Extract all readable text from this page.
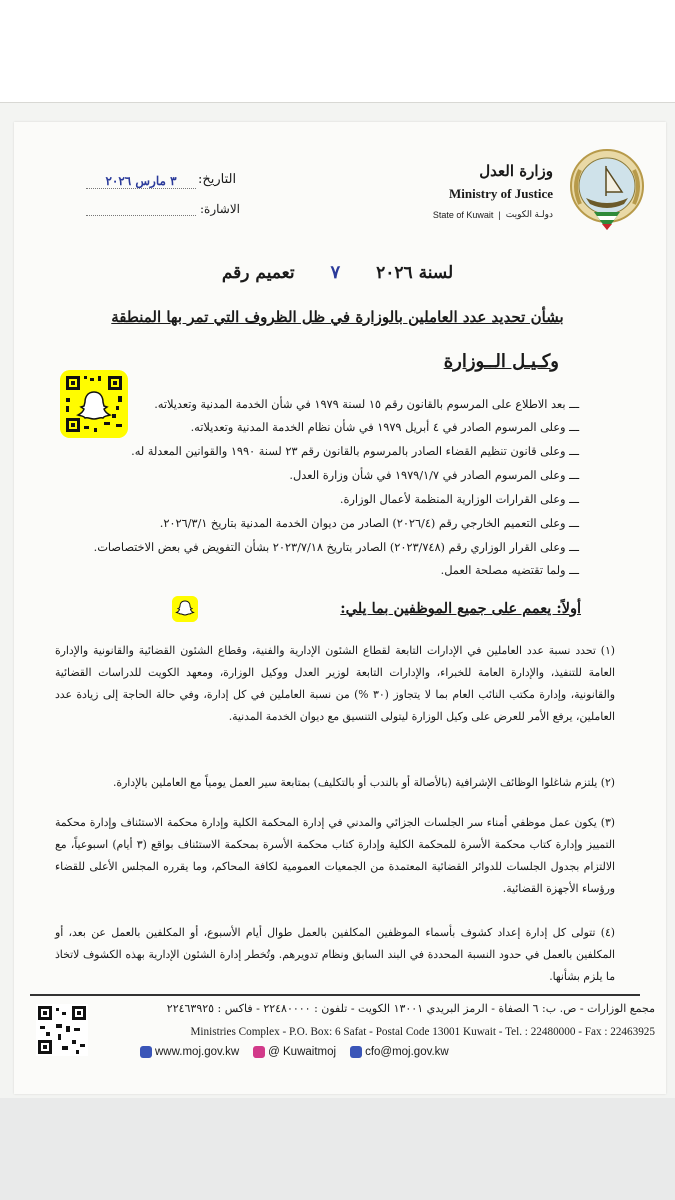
وزارة العدل
Ministry of Justice
State of Kuwait | دولـة الكويت
التاريخ:
٣ مارس ٢٠٢٦
الاشارة:
تعميم رقم ٧ لسنة ٢٠٢٦
بشأن تحديد عدد العاملين بالوزارة في ظل الظروف التي تمر بها المنطقة
وكـيـل الــوزارة
ـــ بعد الاطلاع على المرسوم بالقانون رقم ١٥ لسنة ١٩٧٩ في شأن الخدمة المدنية وتعديلاته.
ـــ وعلى المرسوم الصادر في ٤ أبريل ١٩٧٩ في شأن نظام الخدمة المدنية وتعديلاته.
ـــ وعلى قانون تنظيم القضاء الصادر بالمرسوم بالقانون رقم ٢٣ لسنة ١٩٩٠ والقوانين المعدلة له.
ـــ وعلى المرسوم الصادر في ١٩٧٩/١/٧ في شأن وزارة العدل.
ـــ وعلى القرارات الوزارية المنظمة لأعمال الوزارة.
ـــ وعلى التعميم الخارجي رقم (٢٠٢٦/٤) الصادر من ديوان الخدمة المدنية بتاريخ ٢٠٢٦/٣/١.
ـــ وعلى القرار الوزاري رقم (٢٠٢٣/٧٤٨) الصادر بتاريخ ٢٠٢٣/٧/١٨ بشأن التفويض في بعض الاختصاصات.
ـــ ولما تقتضيه مصلحة العمل.
أولاً: يعمم على جميع الموظفين بما يلي:
(١) تحدد نسبة عدد العاملين في الإدارات التابعة لقطاع الشئون الإدارية والفنية، وقطاع الشئون القضائية والقانونية والإدارة العامة للتنفيذ، والإدارة العامة للخبراء، والإدارات التابعة لوزير العدل ووكيل الوزارة، ومعهد الكويت للدراسات القضائية والقانونية، وإدارة مكتب النائب العام بما لا يتجاوز (٣٠ %) من نسبة العاملين في كل إدارة، وفي حالة الحاجة إلى زيادة عدد العاملين، يرفع الأمر للعرض على وكيل الوزارة ليتولى التنسيق مع ديوان الخدمة المدنية.
(٢) يلتزم شاغلوا الوظائف الإشرافية (بالأصالة أو بالندب أو بالتكليف) بمتابعة سير العمل يومياً مع العاملين بالإدارة.
(٣) يكون عمل موظفي أمناء سر الجلسات الجزائي والمدني في إدارة المحكمة الكلية وإدارة محكمة الاستئناف وإدارة محكمة التمييز وإدارة كتاب محكمة الأسرة للمحكمة الكلية وإدارة كتاب محكمة الأسرة بمحكمة الاستئناف بواقع (٣ أيام) اسبوعياً، مع الالتزام بجدول الجلسات للدوائر القضائية المعتمدة من الجمعيات العمومية لكافة المحاكم، وما يقرره المجلس الأعلى للقضاء ورؤساء الأجهزة القضائية.
(٤) تتولى كل إدارة إعداد كشوف بأسماء الموظفين المكلفين بالعمل طوال أيام الأسبوع، أو المكلفين بالعمل عن بعد، أو المكلفين بالعمل في حدود النسبة المحددة في البند السابق ونظام تدويرهم. وتُخطر إدارة الشئون الإدارية بهذه الكشوف لاتخاذ ما يلزم بشأنها.
مجمع الوزارات - ص. ب: ٦ الصفاة - الرمز البريدي ١٣٠٠١ الكويت - تلفون : ٢٢٤٨٠٠٠٠ - فاكس : ٢٢٤٦٣٩٢٥
Ministries Complex - P.O. Box: 6 Safat - Postal Code 13001 Kuwait - Tel. : 22480000 - Fax : 22463925
www.moj.gov.kw	@ Kuwaitmoj	cfo@moj.gov.kw
